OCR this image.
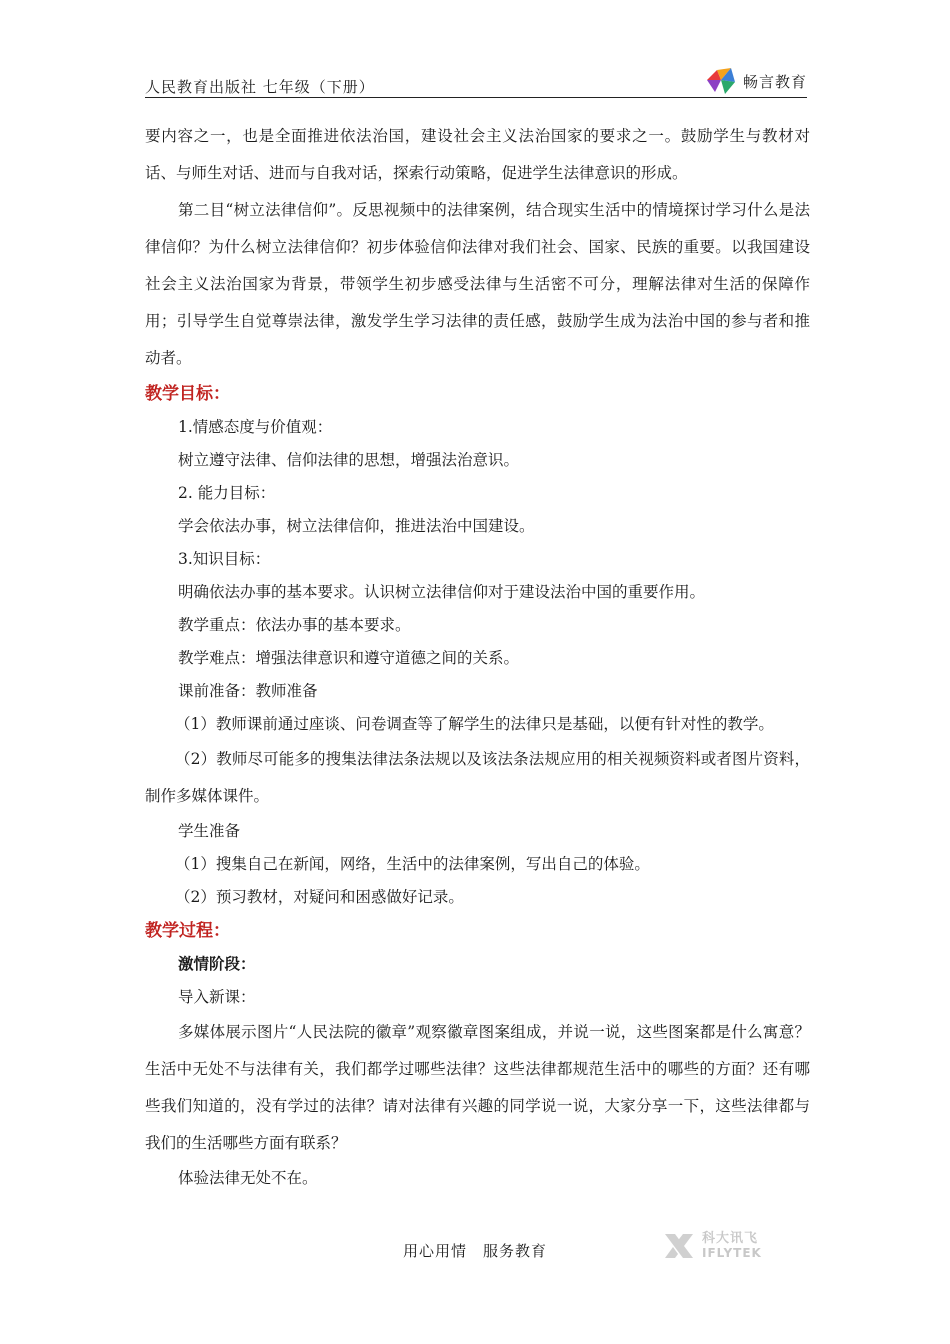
人民教育出版社 七年级（下册）	畅言教育

要内容之一，也是全面推进依法治国，建设社会主义法治国家的要求之一。鼓励学生与教材对话、与师生对话、进而与自我对话，探索行动策略，促进学生法律意识的形成。

第二目“树立法律信仰”。反思视频中的法律案例，结合现实生活中的情境探讨学习什么是法律信仰？为什么树立法律信仰？初步体验信仰法律对我们社会、国家、民族的重要。以我国建设社会主义法治国家为背景，带领学生初步感受法律与生活密不可分，理解法律对生活的保障作用；引导学生自觉尊崇法律，激发学生学习法律的责任感，鼓励学生成为法治中国的参与者和推动者。

教学目标：

1.情感态度与价值观：

树立遵守法律、信仰法律的思想，增强法治意识。

2. 能力目标：

学会依法办事，树立法律信仰，推进法治中国建设。

3.知识目标：

明确依法办事的基本要求。认识树立法律信仰对于建设法治中国的重要作用。

教学重点：依法办事的基本要求。

教学难点：增强法律意识和遵守道德之间的关系。

课前准备：教师准备

（1）教师课前通过座谈、问卷调查等了解学生的法律只是基础，以便有针对性的教学。

（2）教师尽可能多的搜集法律法条法规以及该法条法规应用的相关视频资料或者图片资料，制作多媒体课件。

学生准备

（1）搜集自己在新闻，网络，生活中的法律案例，写出自己的体验。

（2）预习教材，对疑问和困惑做好记录。

教学过程：

激情阶段：

导入新课：

多媒体展示图片“人民法院的徽章”观察徽章图案组成，并说一说，这些图案都是什么寓意？生活中无处不与法律有关，我们都学过哪些法律？这些法律都规范生活中的哪些的方面？还有哪些我们知道的，没有学过的法律？请对法律有兴趣的同学说一说，大家分享一下，这些法律都与我们的生活哪些方面有联系？

体验法律无处不在。

用心用情　服务教育
科大讯飞
IFLYTEK
